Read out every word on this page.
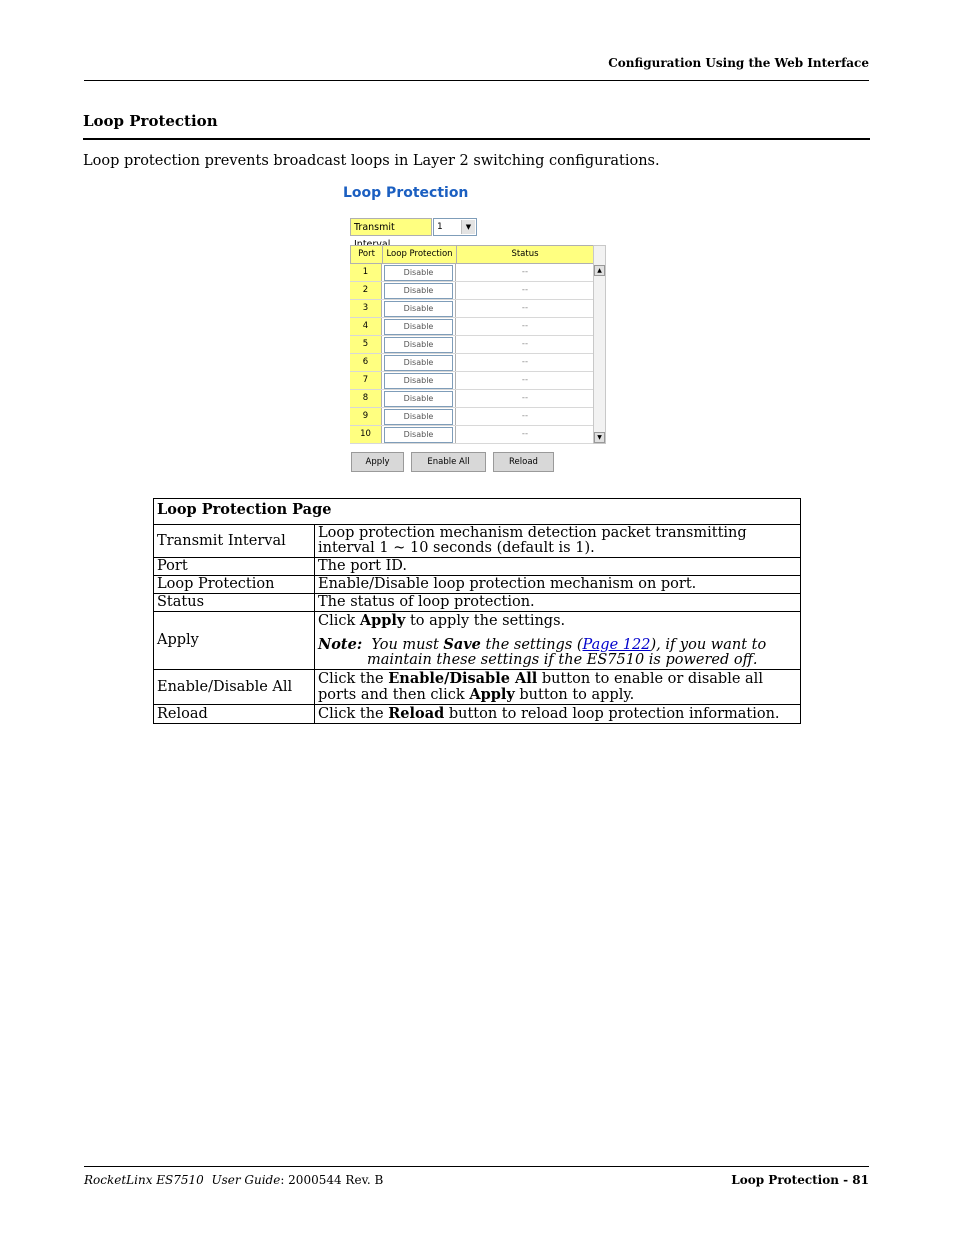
Configuration Using the Web Interface
Loop Protection
Loop protection prevents broadcast loops in Layer 2 switching configurations.
Loop Protection
Transmit	1	▼
Port	Loop Protection	Status
1	Disable	--
2	Disable	--
3	Disable	--
4	Disable	--
5	Disable	--
6	Disable	--
7	Disable	--
8	Disable	--
9	Disable	--
10	Disable	--
▲
▼
Apply	Enable All	Reload
Loop Protection Page	
Transmit Interval	Loop protection mechanism detection packet transmitting interval 1 ~ 10 seconds (default is 1).
Port	The port ID.
Loop Protection	Enable/Disable loop protection mechanism on port.
Status	The status of loop protection.
Apply	Click Apply to apply the settings.
Note: You must Save the settings (Page 122), if you want to maintain these settings if the ES7510 is powered off.

Enable/Disable All	Click the Enable/Disable All button to enable or disable all ports and then click Apply button to apply.
Reload	Click the Reload button to reload loop protection information.
RocketLinx ES7510 User Guide: 2000544 Rev. B	Loop Protection - 81
